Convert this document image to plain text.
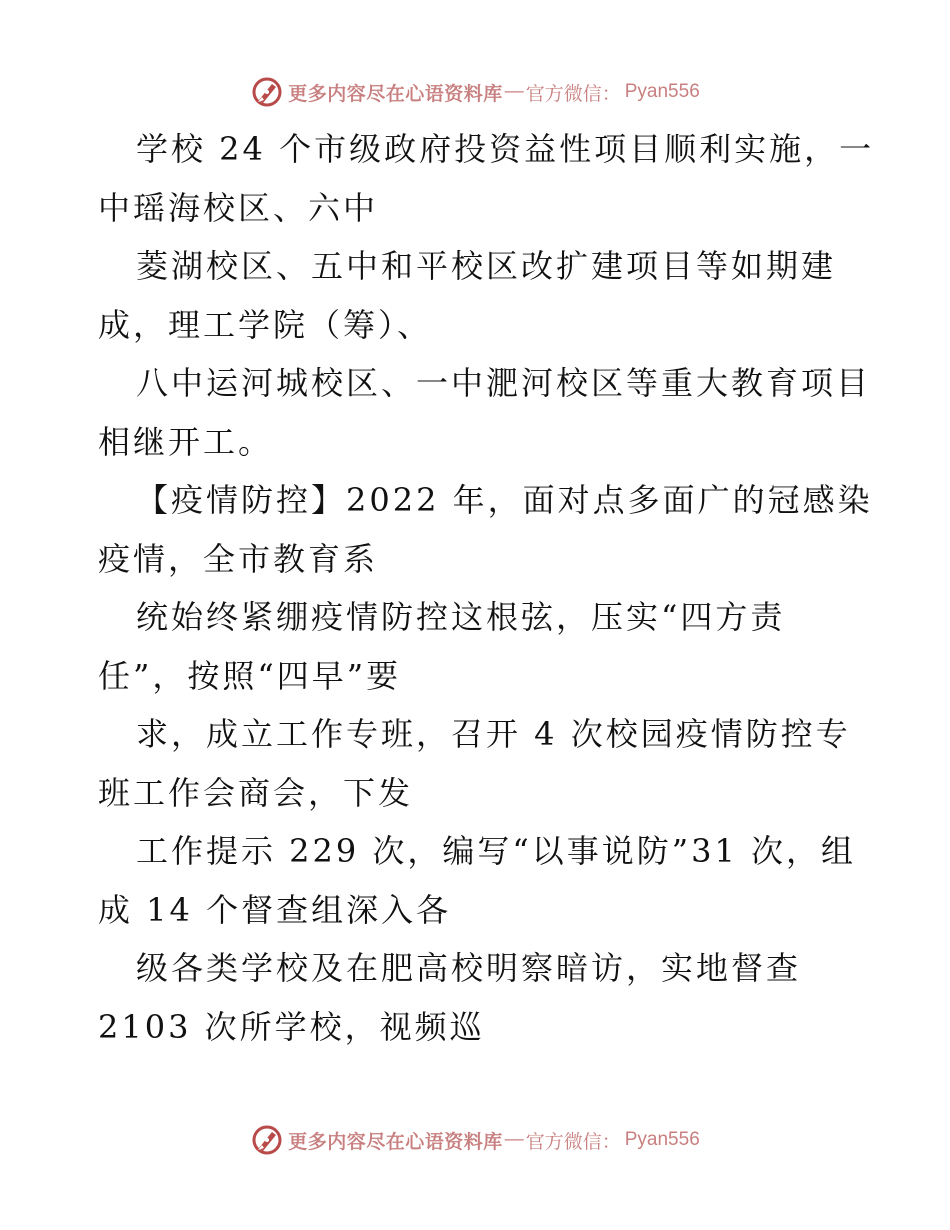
更多内容尽在心语资料库 — 官方微信： Pyan556
学校 24 个市级政府投资益性项目顺利实施，一
中瑶海校区、六中
菱湖校区、五中和平校区改扩建项目等如期建
成，理工学院（筹）、
八中运河城校区、一中淝河校区等重大教育项目
相继开工。
【疫情防控】2022 年，面对点多面广的冠感染
疫情，全市教育系
统始终紧绷疫情防控这根弦，压实“四方责
任”，按照“四早”要
求，成立工作专班，召开 4 次校园疫情防控专
班工作会商会，下发
工作提示 229 次，编写“以事说防”31 次，组
成 14 个督查组深入各
级各类学校及在肥高校明察暗访，实地督查
2103 次所学校，视频巡
更多内容尽在心语资料库 — 官方微信： Pyan556
